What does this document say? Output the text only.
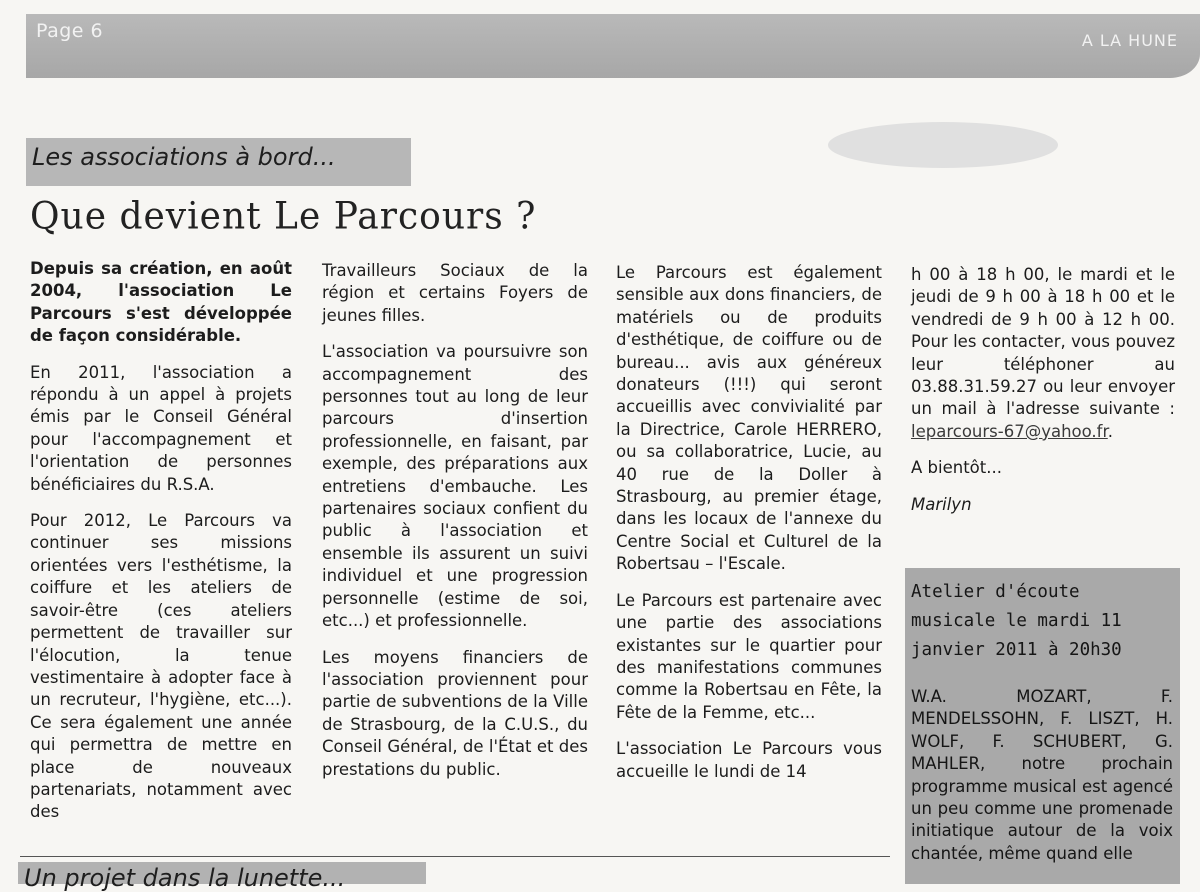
Page 6	A LA HUNE
Les associations à bord...
Que devient Le Parcours ?

Depuis sa création, en août 2004, l'association Le Parcours s'est développée de façon considérable.

En 2011, l'association a répondu à un appel à projets émis par le Conseil Général pour l'accompagnement et l'orientation de personnes bénéficiaires du R.S.A.

Pour 2012, Le Parcours va continuer ses missions orientées vers l'esthétisme, la coiffure et les ateliers de savoir-être (ces ateliers permettent de travailler sur l'élocution, la tenue vestimentaire à adopter face à un recruteur, l'hygiène, etc...). Ce sera également une année qui permettra de mettre en place de nouveaux partenariats, notamment avec des

Travailleurs Sociaux de la région et certains Foyers de jeunes filles.

L'association va poursuivre son accompagnement des personnes tout au long de leur parcours d'insertion professionnelle, en faisant, par exemple, des préparations aux entretiens d'embauche. Les partenaires sociaux confient du public à l'association et ensemble ils assurent un suivi individuel et une progression personnelle (estime de soi, etc...) et professionnelle.

Les moyens financiers de l'association proviennent pour partie de subventions de la Ville de Strasbourg, de la C.U.S., du Conseil Général, de l'État et des prestations du public.

Le Parcours est également sensible aux dons financiers, de matériels ou de produits d'esthétique, de coiffure ou de bureau... avis aux généreux donateurs (!!!) qui seront accueillis avec convivialité par la Directrice, Carole HERRERO, ou sa collaboratrice, Lucie, au 40 rue de la Doller à Strasbourg, au premier étage, dans les locaux de l'annexe du Centre Social et Culturel de la Robertsau – l'Escale.

Le Parcours est partenaire avec une partie des associations existantes sur le quartier pour des manifestations communes comme la Robertsau en Fête, la Fête de la Femme, etc...

L'association Le Parcours vous accueille le lundi de 14

h 00 à 18 h 00, le mardi et le jeudi de 9 h 00 à 18 h 00 et le vendredi de 9 h 00 à 12 h 00. Pour les contacter, vous pouvez leur téléphoner au 03.88.31.59.27 ou leur envoyer un mail à l'adresse suivante : leparcours-67@yahoo.fr.

A bientôt...

Marilyn

Atelier d'écoute musicale le mardi 11 janvier 2011 à 20h30
W.A. MOZART, F. MENDELSSOHN, F. LISZT, H. WOLF, F. SCHUBERT, G. MAHLER, notre prochain programme musical est agencé un peu comme une promenade initiatique autour de la voix chantée, même quand elle
Un projet dans la lunette...
